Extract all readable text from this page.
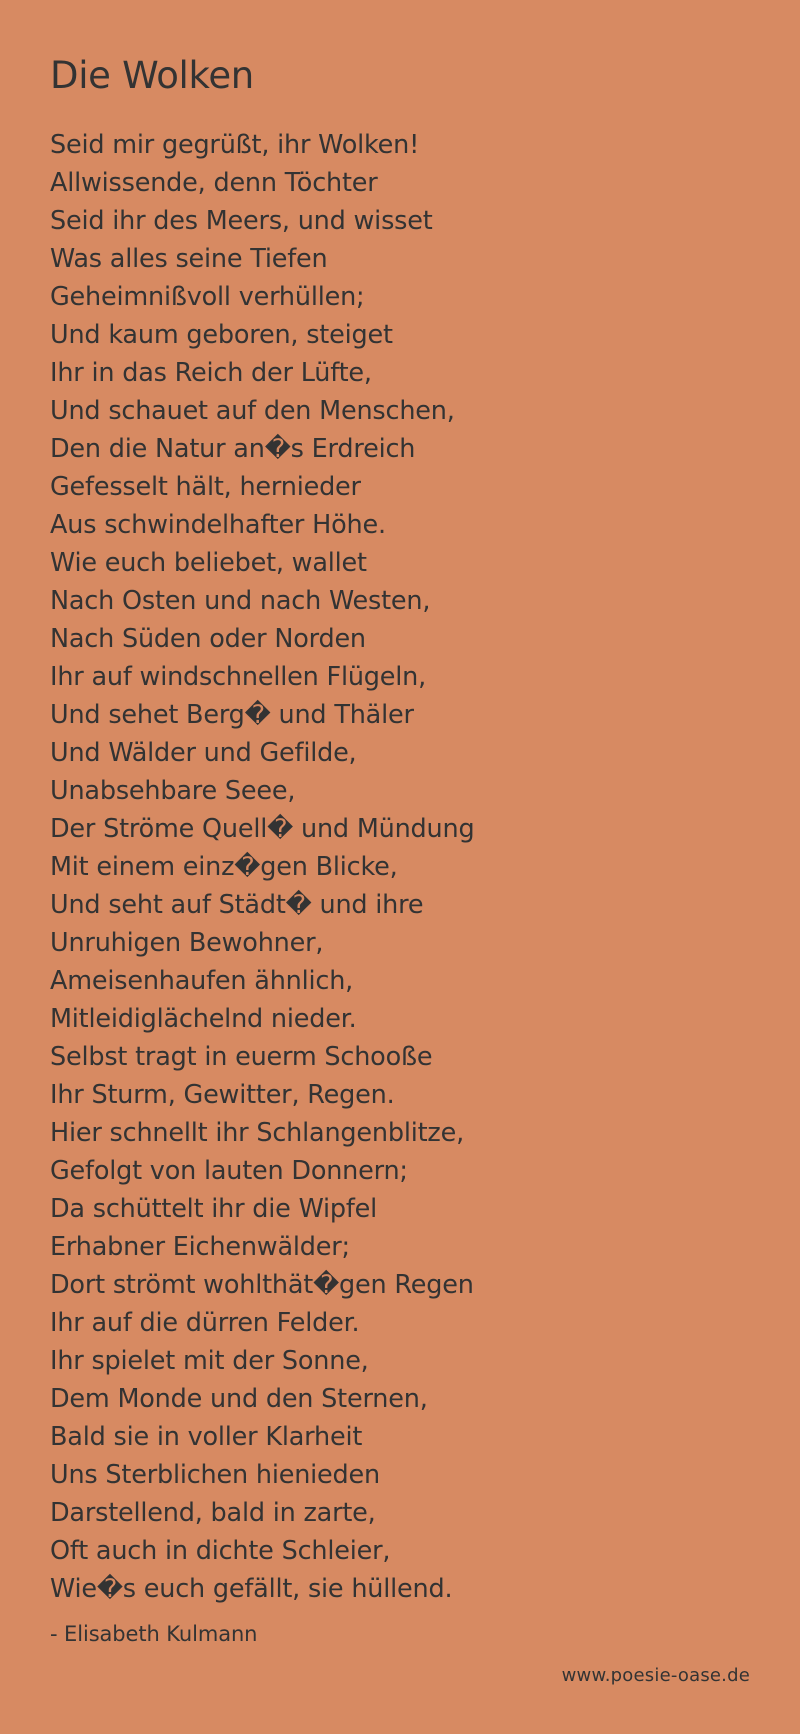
Die Wolken
Seid mir gegrüßt, ihr Wolken!
Allwissende, denn Töchter
Seid ihr des Meers, und wisset
Was alles seine Tiefen
Geheimnißvoll verhüllen;
Und kaum geboren, steiget
Ihr in das Reich der Lüfte,
Und schauet auf den Menschen,
Den die Natur an�s Erdreich
Gefesselt hält, hernieder
Aus schwindelhafter Höhe.
Wie euch beliebet, wallet
Nach Osten und nach Westen,
Nach Süden oder Norden
Ihr auf windschnellen Flügeln,
Und sehet Berg� und Thäler
Und Wälder und Gefilde,
Unabsehbare Seee,
Der Ströme Quell� und Mündung
Mit einem einz�gen Blicke,
Und seht auf Städt� und ihre
Unruhigen Bewohner,
Ameisenhaufen ähnlich,
Mitleidiglächelnd nieder.
Selbst tragt in euerm Schooße
Ihr Sturm, Gewitter, Regen.
Hier schnellt ihr Schlangenblitze,
Gefolgt von lauten Donnern;
Da schüttelt ihr die Wipfel
Erhabner Eichenwälder;
Dort strömt wohlthät�gen Regen
Ihr auf die dürren Felder.
Ihr spielet mit der Sonne,
Dem Monde und den Sternen,
Bald sie in voller Klarheit
Uns Sterblichen hienieden
Darstellend, bald in zarte,
Oft auch in dichte Schleier,
Wie�s euch gefällt, sie hüllend.
- Elisabeth Kulmann
www.poesie-oase.de
